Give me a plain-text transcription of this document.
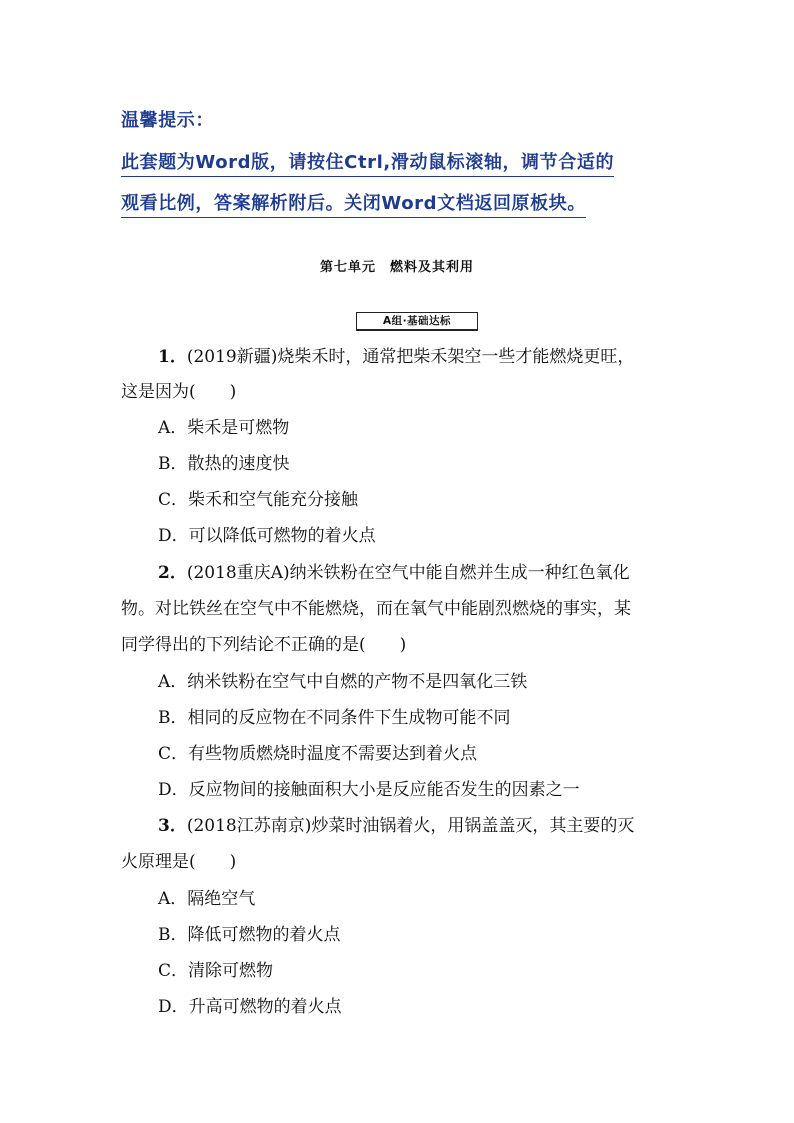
温馨提示：
此套题为Word版，请按住Ctrl,滑动鼠标滚轴，调节合适的
观看比例，答案解析附后。关闭Word文档返回原板块。
第七单元　燃料及其利用
A组·基础达标
1．(2019新疆)烧柴禾时，通常把柴禾架空一些才能燃烧更旺，
这是因为(　　)
A．柴禾是可燃物
B．散热的速度快
C．柴禾和空气能充分接触
D．可以降低可燃物的着火点
2．(2018重庆A)纳米铁粉在空气中能自燃并生成一种红色氧化
物。对比铁丝在空气中不能燃烧，而在氧气中能剧烈燃烧的事实，某
同学得出的下列结论不正确的是(　　)
A．纳米铁粉在空气中自燃的产物不是四氧化三铁
B．相同的反应物在不同条件下生成物可能不同
C．有些物质燃烧时温度不需要达到着火点
D．反应物间的接触面积大小是反应能否发生的因素之一
3．(2018江苏南京)炒菜时油锅着火，用锅盖盖灭，其主要的灭
火原理是(　　)
A．隔绝空气
B．降低可燃物的着火点
C．清除可燃物
D．升高可燃物的着火点
